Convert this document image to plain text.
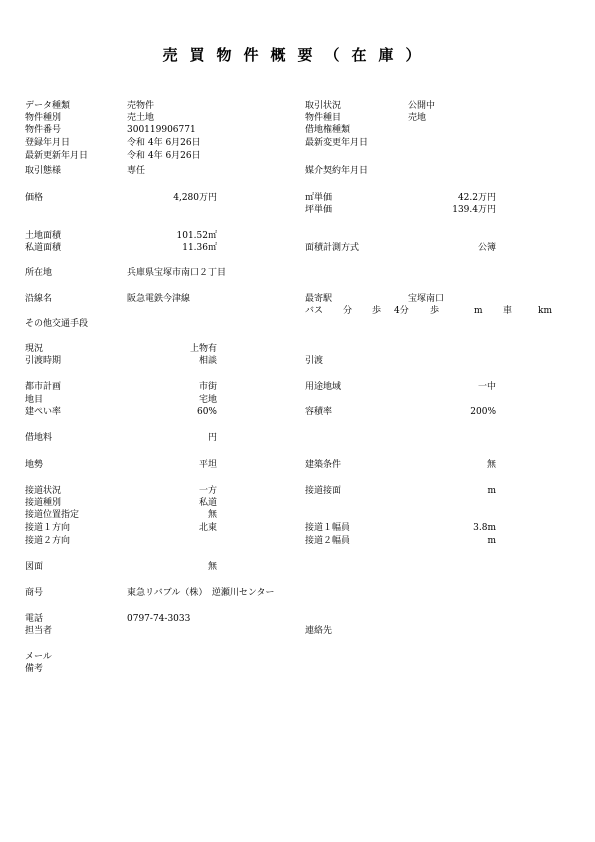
売買物件概要（在庫）
データ種類
物件種別
物件番号
登録年月日
最新更新年月日
取引態様
価格
土地面積
私道面積
所在地
沿線名
その他交通手段
現況
引渡時期
都市計画
地目
建ぺい率
借地料
地勢
接道状況
接道種別
接道位置指定
接道１方向
接道２方向
図面
商号
電話
担当者
メール
備考
売物件
売土地
300119906771
令和 4年 6月26日
令和 4年 6月26日
専任
4,280万円
101.52㎡
11.36㎡
兵庫県宝塚市南口２丁目
阪急電鉄今津線
上物有
相談
市街
宅地
60%
円
平坦
一方
私道
無
北東
無
東急リバブル（株）　逆瀬川センター
0797-74-3033
取引状況
物件種目
借地権種類
最新変更年月日
媒介契約年月日
㎡単価
坪単価
面積計測方式
最寄駅
バス
引渡
用途地域
容積率
建築条件
接道接面
接道１幅員
接道２幅員
連絡先
公開中
売地
42.2万円
139.4万円
公簿
宝塚南口
分 歩 4分 歩	m 車	km
一中
200%
無
m
3.8m
m
